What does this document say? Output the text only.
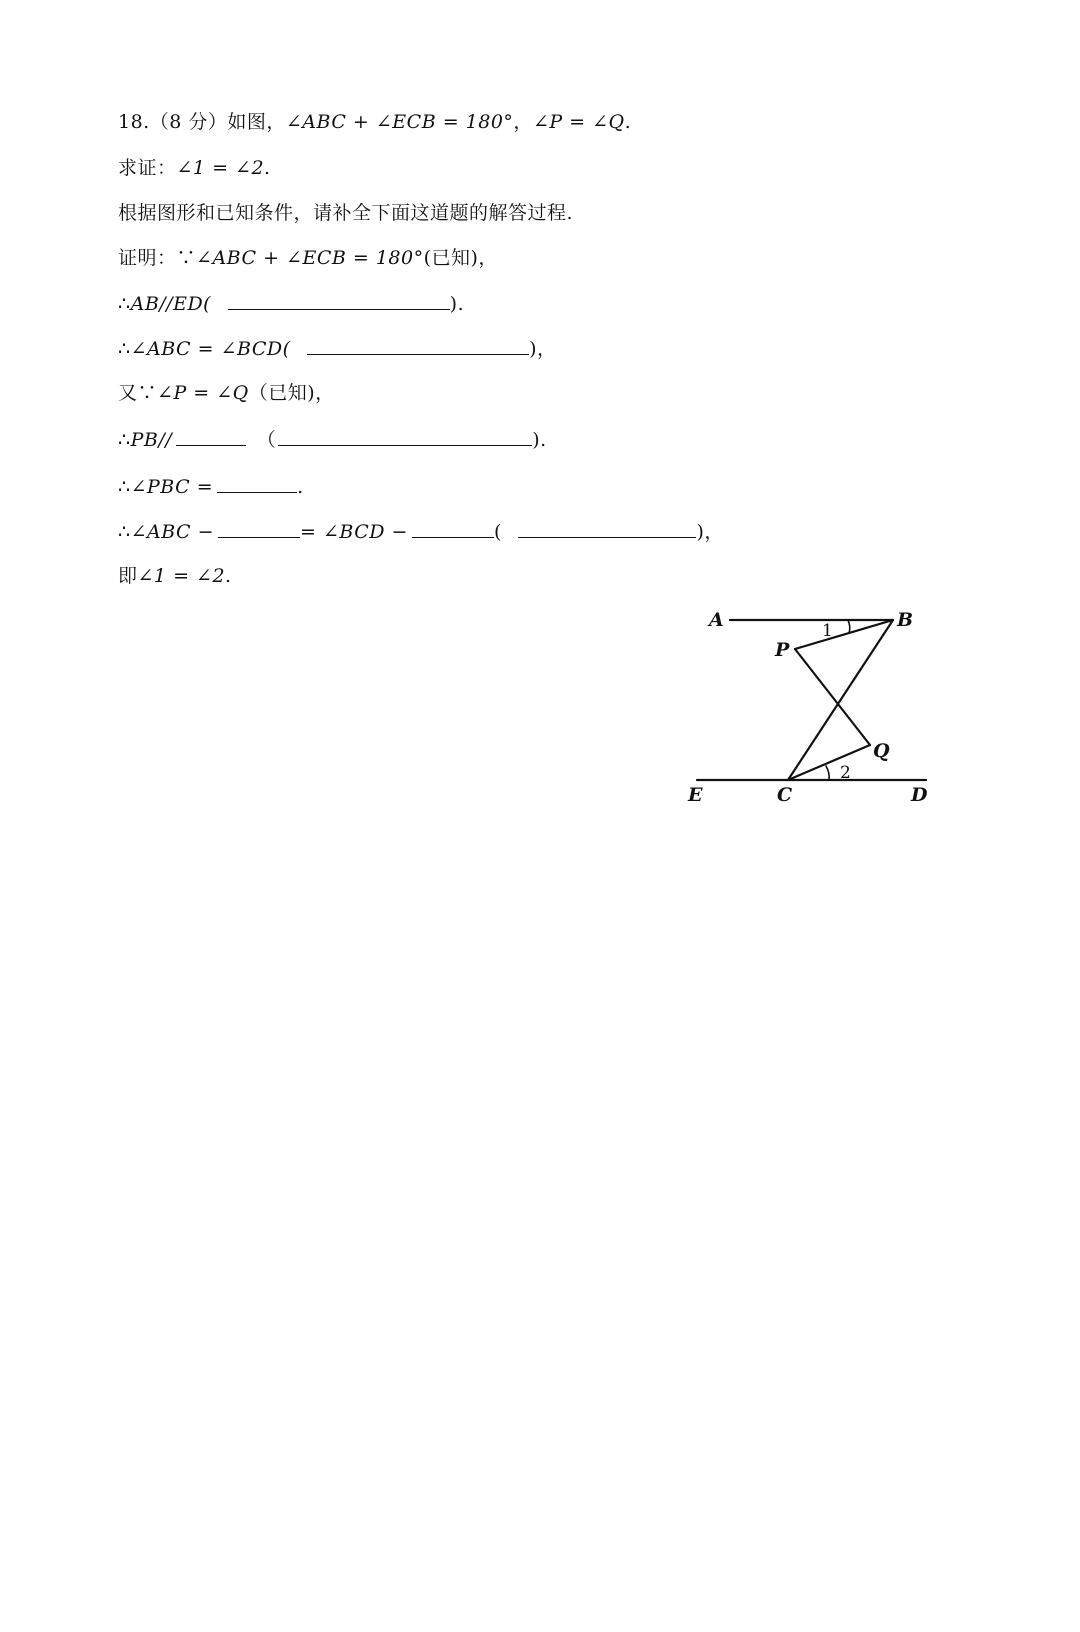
18.（8 分）如图，∠ABC + ∠ECB = 180°，∠P = ∠Q.
求证：∠1 = ∠2.
根据图形和已知条件，请补全下面这道题的解答过程.
证明：∵∠ABC + ∠ECB = 180°(已知)，
∴AB//ED(	).
∴∠ABC = ∠BCD(	)，
又∵∠P = ∠Q（已知)，
∴PB//	（	).
∴∠PBC =	.
∴∠ABC −	= ∠BCD −	(	)，
即∠1 = ∠2.
A	B
P
Q
E	C	D
1
2
